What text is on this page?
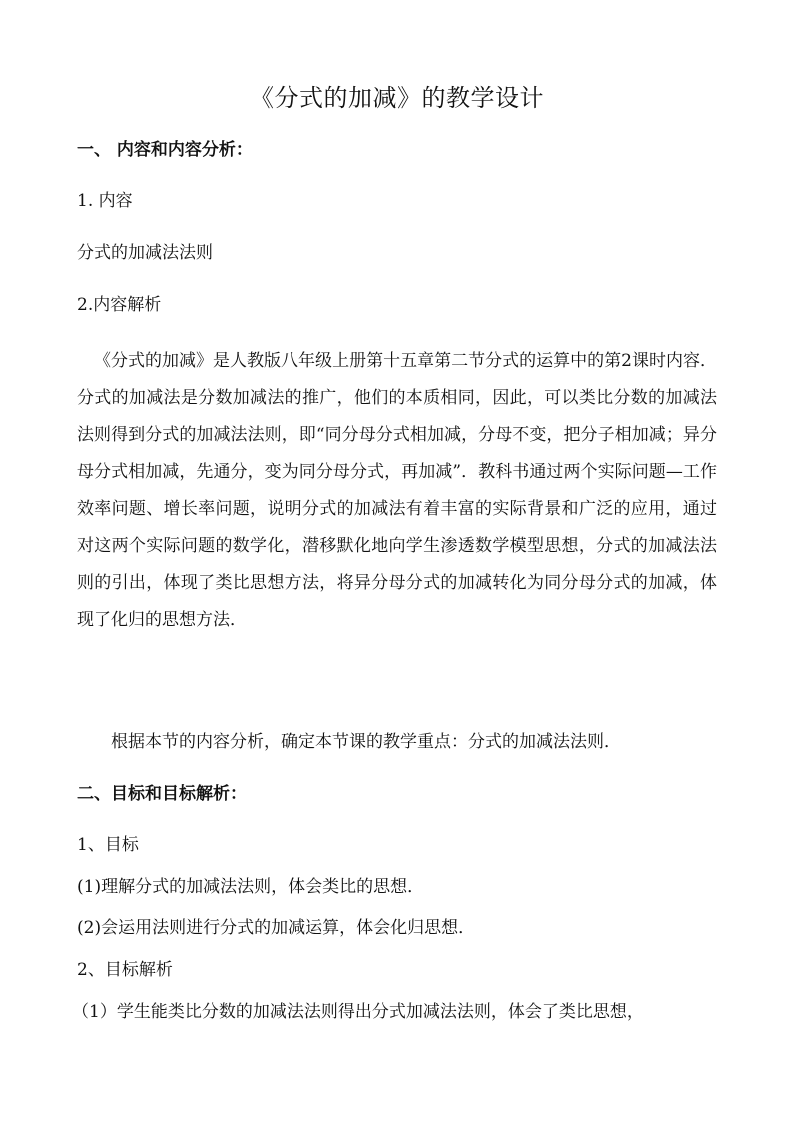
《分式的加减》的教学设计
一、 内容和内容分析：
1. 内容
分式的加减法法则
2.内容解析
《分式的加减》是人教版八年级上册第十五章第二节分式的运算中的第2课时内容．分式的加减法是分数加减法的推广，他们的本质相同，因此，可以类比分数的加减法法则得到分式的加减法法则，即“同分母分式相加减，分母不变，把分子相加减；异分母分式相加减，先通分，变为同分母分式，再加减”．教科书通过两个实际问题—工作效率问题、增长率问题，说明分式的加减法有着丰富的实际背景和广泛的应用，通过对这两个实际问题的数学化，潜移默化地向学生渗透数学模型思想，分式的加减法法则的引出，体现了类比思想方法，将异分母分式的加减转化为同分母分式的加减，体现了化归的思想方法．
根据本节的内容分析，确定本节课的教学重点：分式的加减法法则．
二、目标和目标解析：
1、目标
(1)理解分式的加减法法则，体会类比的思想．
(2)会运用法则进行分式的加减运算，体会化归思想．
2、目标解析
（1）学生能类比分数的加减法法则得出分式加减法法则，体会了类比思想，
